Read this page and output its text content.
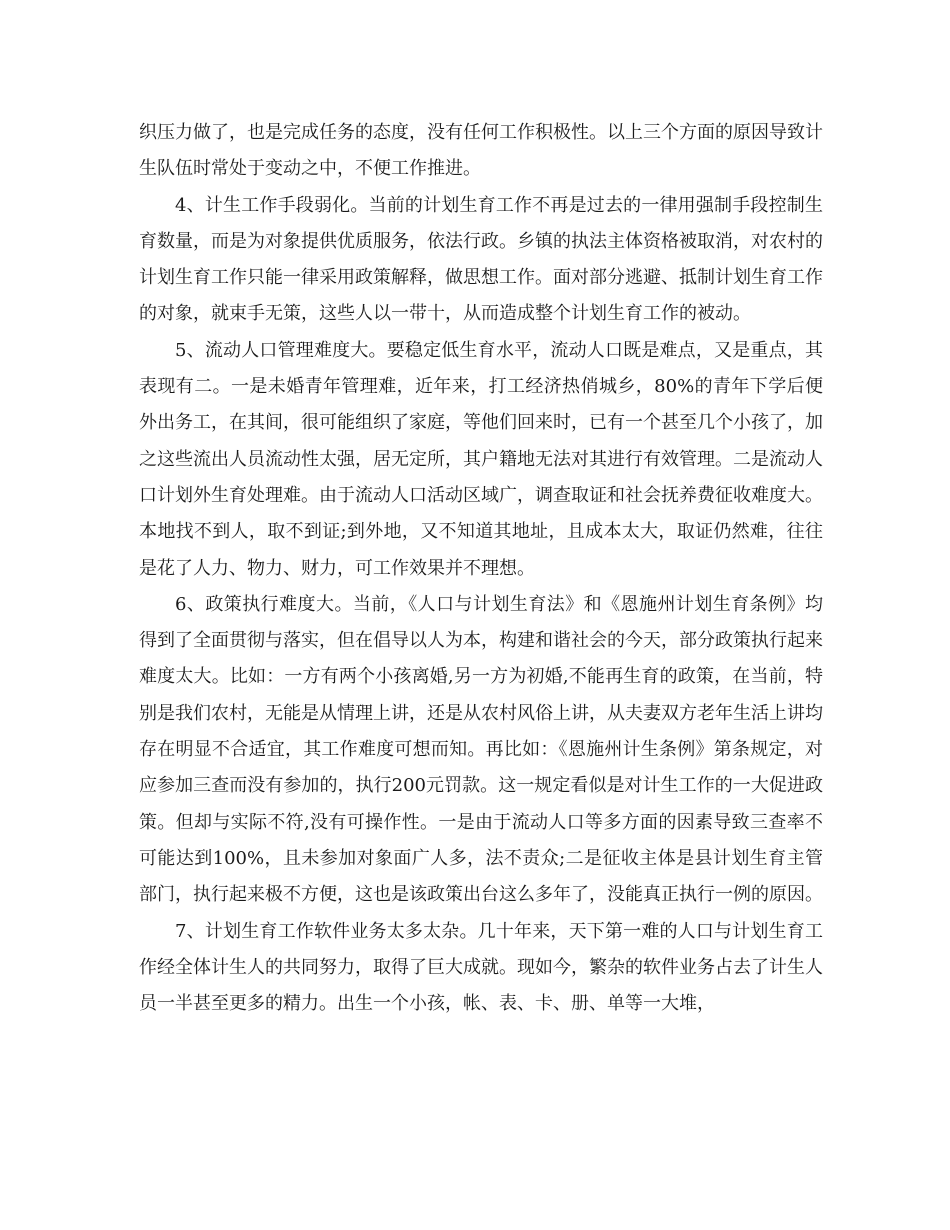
织压力做了，也是完成任务的态度，没有任何工作积极性。以上三个方面的原因导致计生队伍时常处于变动之中，不便工作推进。

4、计生工作手段弱化。当前的计划生育工作不再是过去的一律用强制手段控制生育数量，而是为对象提供优质服务，依法行政。乡镇的执法主体资格被取消，对农村的计划生育工作只能一律采用政策解释，做思想工作。面对部分逃避、抵制计划生育工作的对象，就束手无策，这些人以一带十，从而造成整个计划生育工作的被动。

5、流动人口管理难度大。要稳定低生育水平，流动人口既是难点，又是重点，其表现有二。一是未婚青年管理难，近年来，打工经济热俏城乡，80%的青年下学后便外出务工，在其间，很可能组织了家庭，等他们回来时，已有一个甚至几个小孩了，加之这些流出人员流动性太强，居无定所，其户籍地无法对其进行有效管理。二是流动人口计划外生育处理难。由于流动人口活动区域广，调查取证和社会抚养费征收难度大。本地找不到人，取不到证;到外地，又不知道其地址，且成本太大，取证仍然难，往往是花了人力、物力、财力，可工作效果并不理想。

6、政策执行难度大。当前，《人口与计划生育法》和《恩施州计划生育条例》均得到了全面贯彻与落实，但在倡导以人为本，构建和谐社会的今天，部分政策执行起来难度太大。比如：一方有两个小孩离婚,另一方为初婚,不能再生育的政策，在当前，特别是我们农村，无能是从情理上讲，还是从农村风俗上讲，从夫妻双方老年生活上讲均存在明显不合适宜，其工作难度可想而知。再比如：《恩施州计生条例》第条规定，对应参加三查而没有参加的，执行200元罚款。这一规定看似是对计生工作的一大促进政策。但却与实际不符,没有可操作性。一是由于流动人口等多方面的因素导致三查率不可能达到100%，且未参加对象面广人多，法不责众;二是征收主体是县计划生育主管部门，执行起来极不方便，这也是该政策出台这么多年了，没能真正执行一例的原因。

7、计划生育工作软件业务太多太杂。几十年来，天下第一难的人口与计划生育工作经全体计生人的共同努力，取得了巨大成就。现如今，繁杂的软件业务占去了计生人员一半甚至更多的精力。出生一个小孩，帐、表、卡、册、单等一大堆，
